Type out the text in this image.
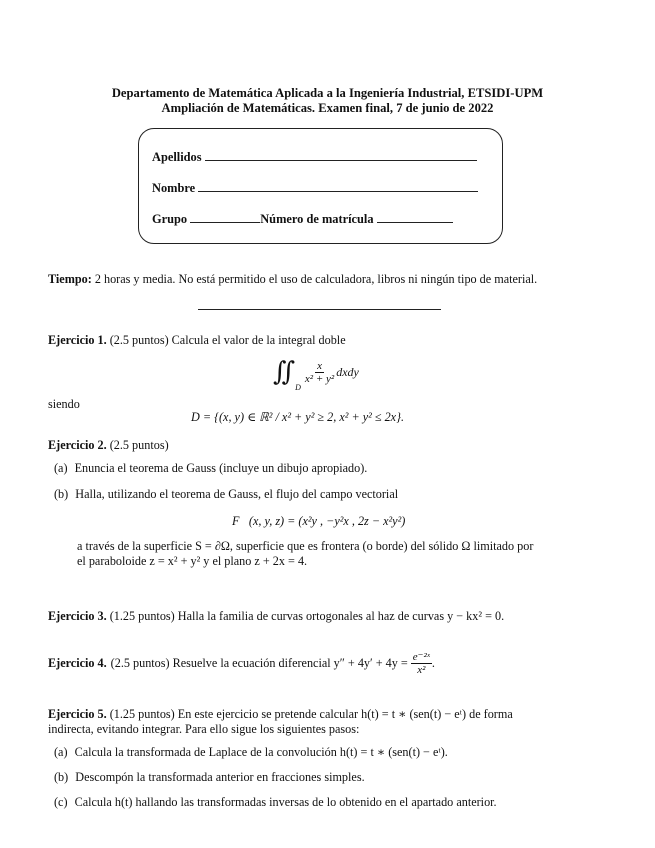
Departamento de Matemática Aplicada a la Ingeniería Industrial, ETSIDI-UPM
Ampliación de Matemáticas. Examen final, 7 de junio de 2022
Apellidos
Nombre
Grupo	Número de matrícula
Tiempo: 2 horas y media. No está permitido el uso de calculadora, libros ni ningún tipo de material.
Ejercicio 1. (2.5 puntos) Calcula el valor de la integral doble
∬
D
$\frac{x}{\text{x² + y²}}$ dxdy
siendo
D = {(x, y) ∈ ℝ² / x² + y² ≥ 2, x² + y² ≤ 2x}.
Ejercicio 2. (2.5 puntos)
(a) Enuncia el teorema de Gauss (incluye un dibujo apropiado).
(b) Halla, utilizando el teorema de Gauss, el flujo del campo vectorial
F⃗(x, y, z) = (x²y , −y²x , 2z − x²y²)
a través de la superficie S = ∂Ω, superficie que es frontera (o borde) del sólido Ω limitado por
el paraboloide z = x² + y² y el plano z + 2x = 4.
Ejercicio 3. (1.25 puntos) Halla la familia de curvas ortogonales al haz de curvas y − kx² = 0.
Ejercicio 4. (2.5 puntos) Resuelve la ecuación diferencial $y'' + 4y' + 4y = \frac{\text{e⁻²ˣ}}{\text{x²}}$ .
Ejercicio 5. (1.25 puntos) En este ejercicio se pretende calcular h(t) = t ∗ (sen(t) − eᵗ) de forma
indirecta, evitando integrar. Para ello sigue los siguientes pasos:
(a) Calcula la transformada de Laplace de la convolución h(t) = t ∗ (sen(t) − eᵗ).
(b) Descompón la transformada anterior en fracciones simples.
(c) Calcula h(t) hallando las transformadas inversas de lo obtenido en el apartado anterior.
